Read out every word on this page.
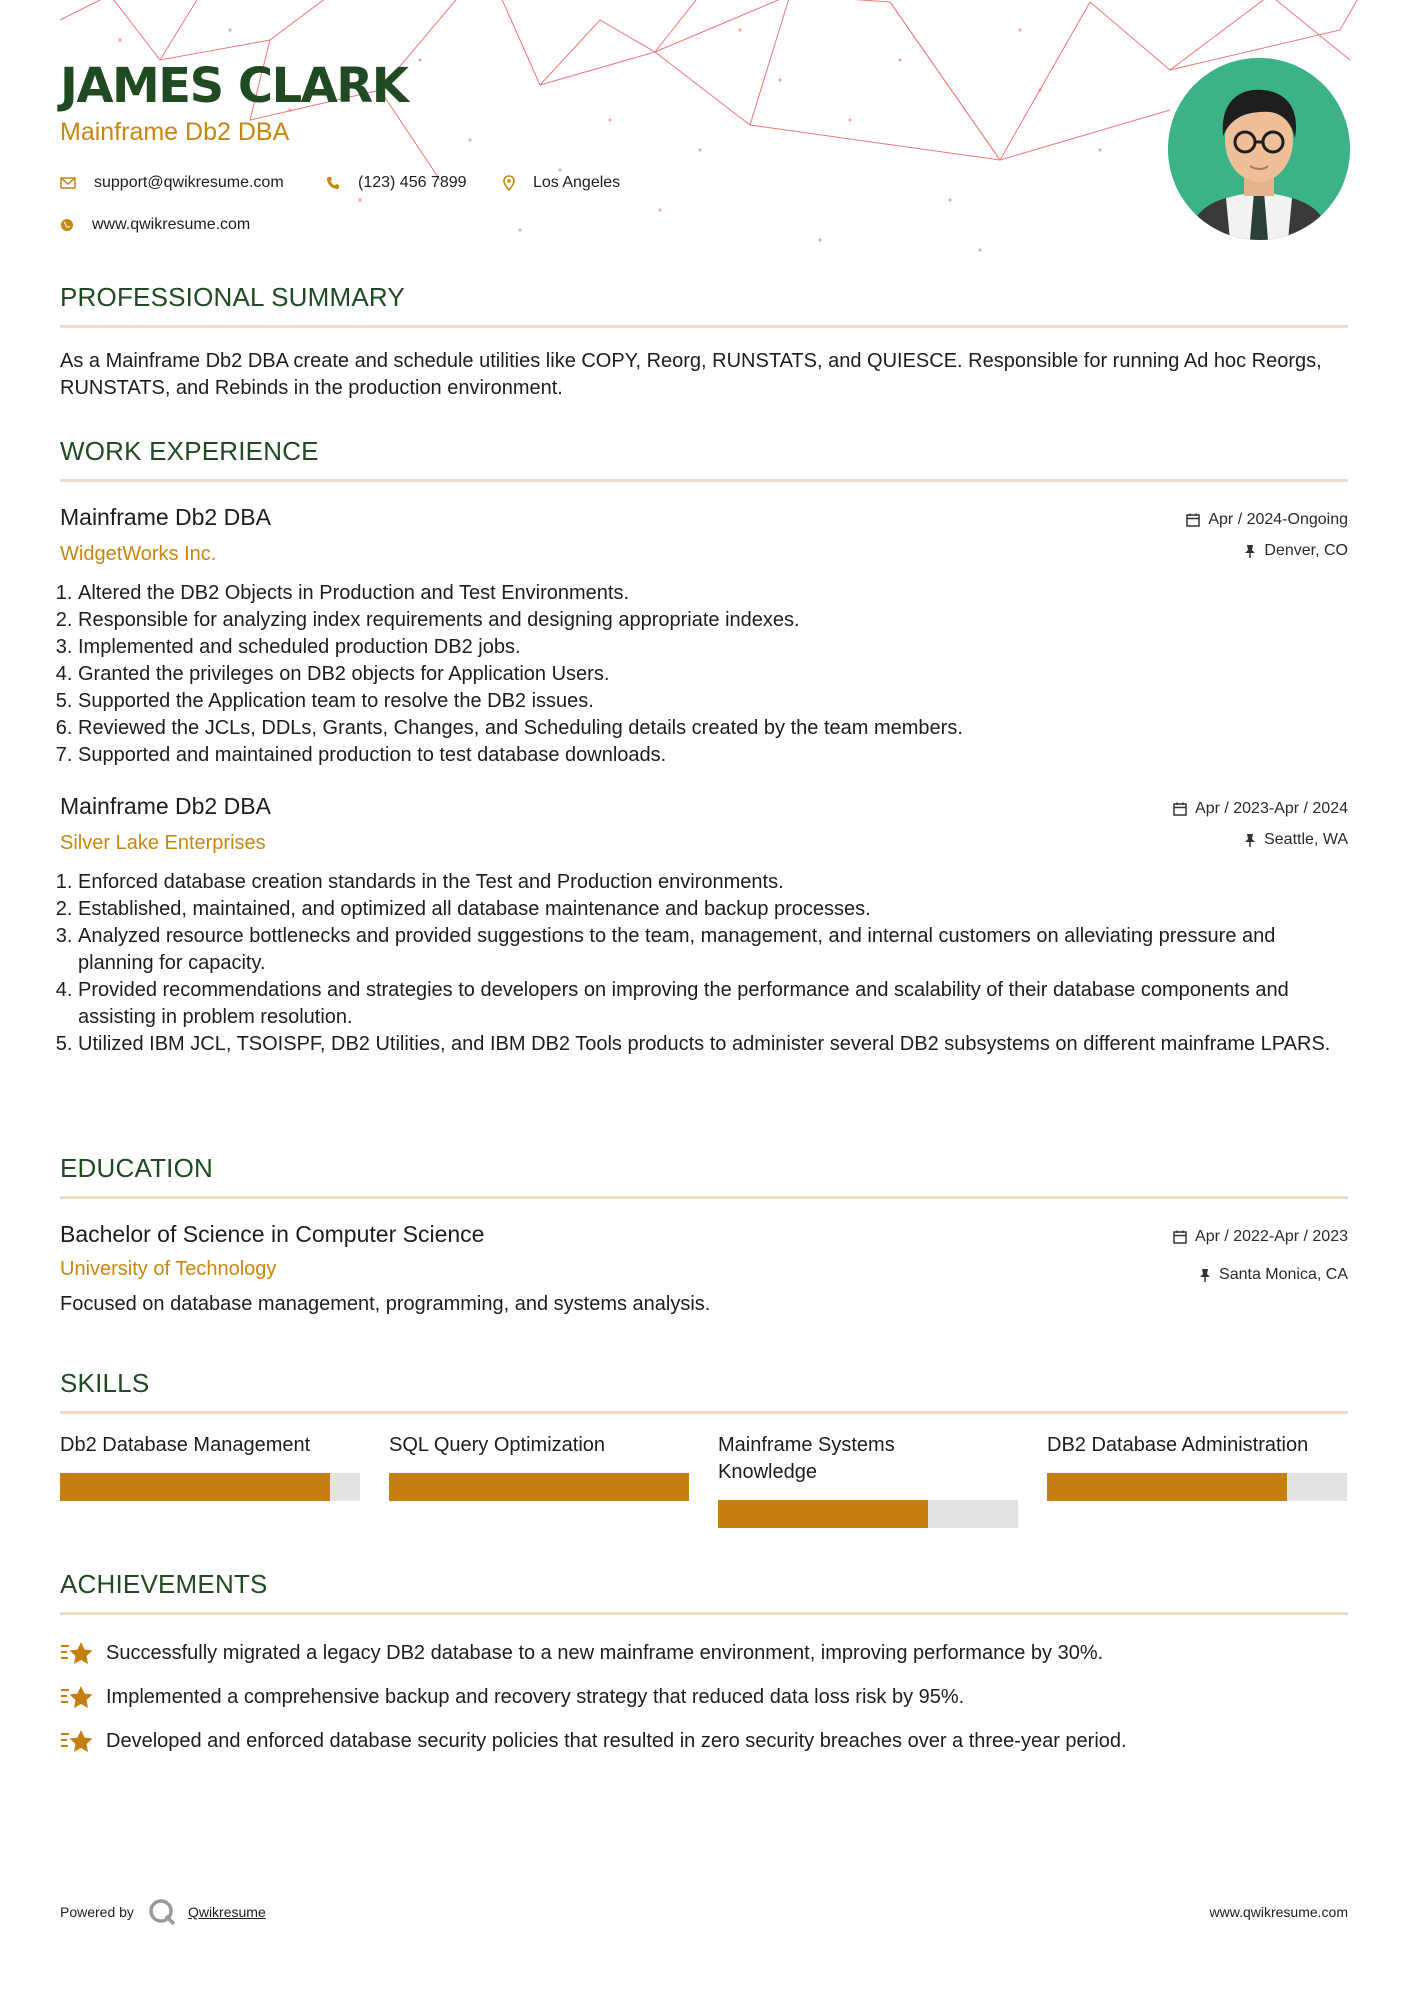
JAMES CLARK
Mainframe Db2 DBA
support@qwikresume.com	(123) 456 7899	Los Angeles
www.qwikresume.com
PROFESSIONAL SUMMARY
As a Mainframe Db2 DBA create and schedule utilities like COPY, Reorg, RUNSTATS, and QUIESCE. Responsible for running Ad hoc Reorgs, RUNSTATS, and Rebinds in the production environment.
WORK EXPERIENCE
Mainframe Db2 DBA
WidgetWorks Inc.
Apr / 2024-Ongoing
Denver, CO
1. Altered the DB2 Objects in Production and Test Environments.
2. Responsible for analyzing index requirements and designing appropriate indexes.
3. Implemented and scheduled production DB2 jobs.
4. Granted the privileges on DB2 objects for Application Users.
5. Supported the Application team to resolve the DB2 issues.
6. Reviewed the JCLs, DDLs, Grants, Changes, and Scheduling details created by the team members.
7. Supported and maintained production to test database downloads.
Mainframe Db2 DBA
Silver Lake Enterprises
Apr / 2023-Apr / 2024
Seattle, WA
1. Enforced database creation standards in the Test and Production environments.
2. Established, maintained, and optimized all database maintenance and backup processes.
3. Analyzed resource bottlenecks and provided suggestions to the team, management, and internal customers on alleviating pressure and planning for capacity.
4. Provided recommendations and strategies to developers on improving the performance and scalability of their database components and assisting in problem resolution.
5. Utilized IBM JCL, TSOISPF, DB2 Utilities, and IBM DB2 Tools products to administer several DB2 subsystems on different mainframe LPARS.
EDUCATION
Bachelor of Science in Computer Science
University of Technology
Apr / 2022-Apr / 2023
Santa Monica, CA
Focused on database management, programming, and systems analysis.
SKILLS
Db2 Database Management	SQL Query Optimization	Mainframe Systems Knowledge
DB2 Database Administration
ACHIEVEMENTS
Successfully migrated a legacy DB2 database to a new mainframe environment, improving performance by 30%.
Implemented a comprehensive backup and recovery strategy that reduced data loss risk by 95%.
Developed and enforced database security policies that resulted in zero security breaches over a three-year period.
Powered by	Qwikresume	www.qwikresume.com
